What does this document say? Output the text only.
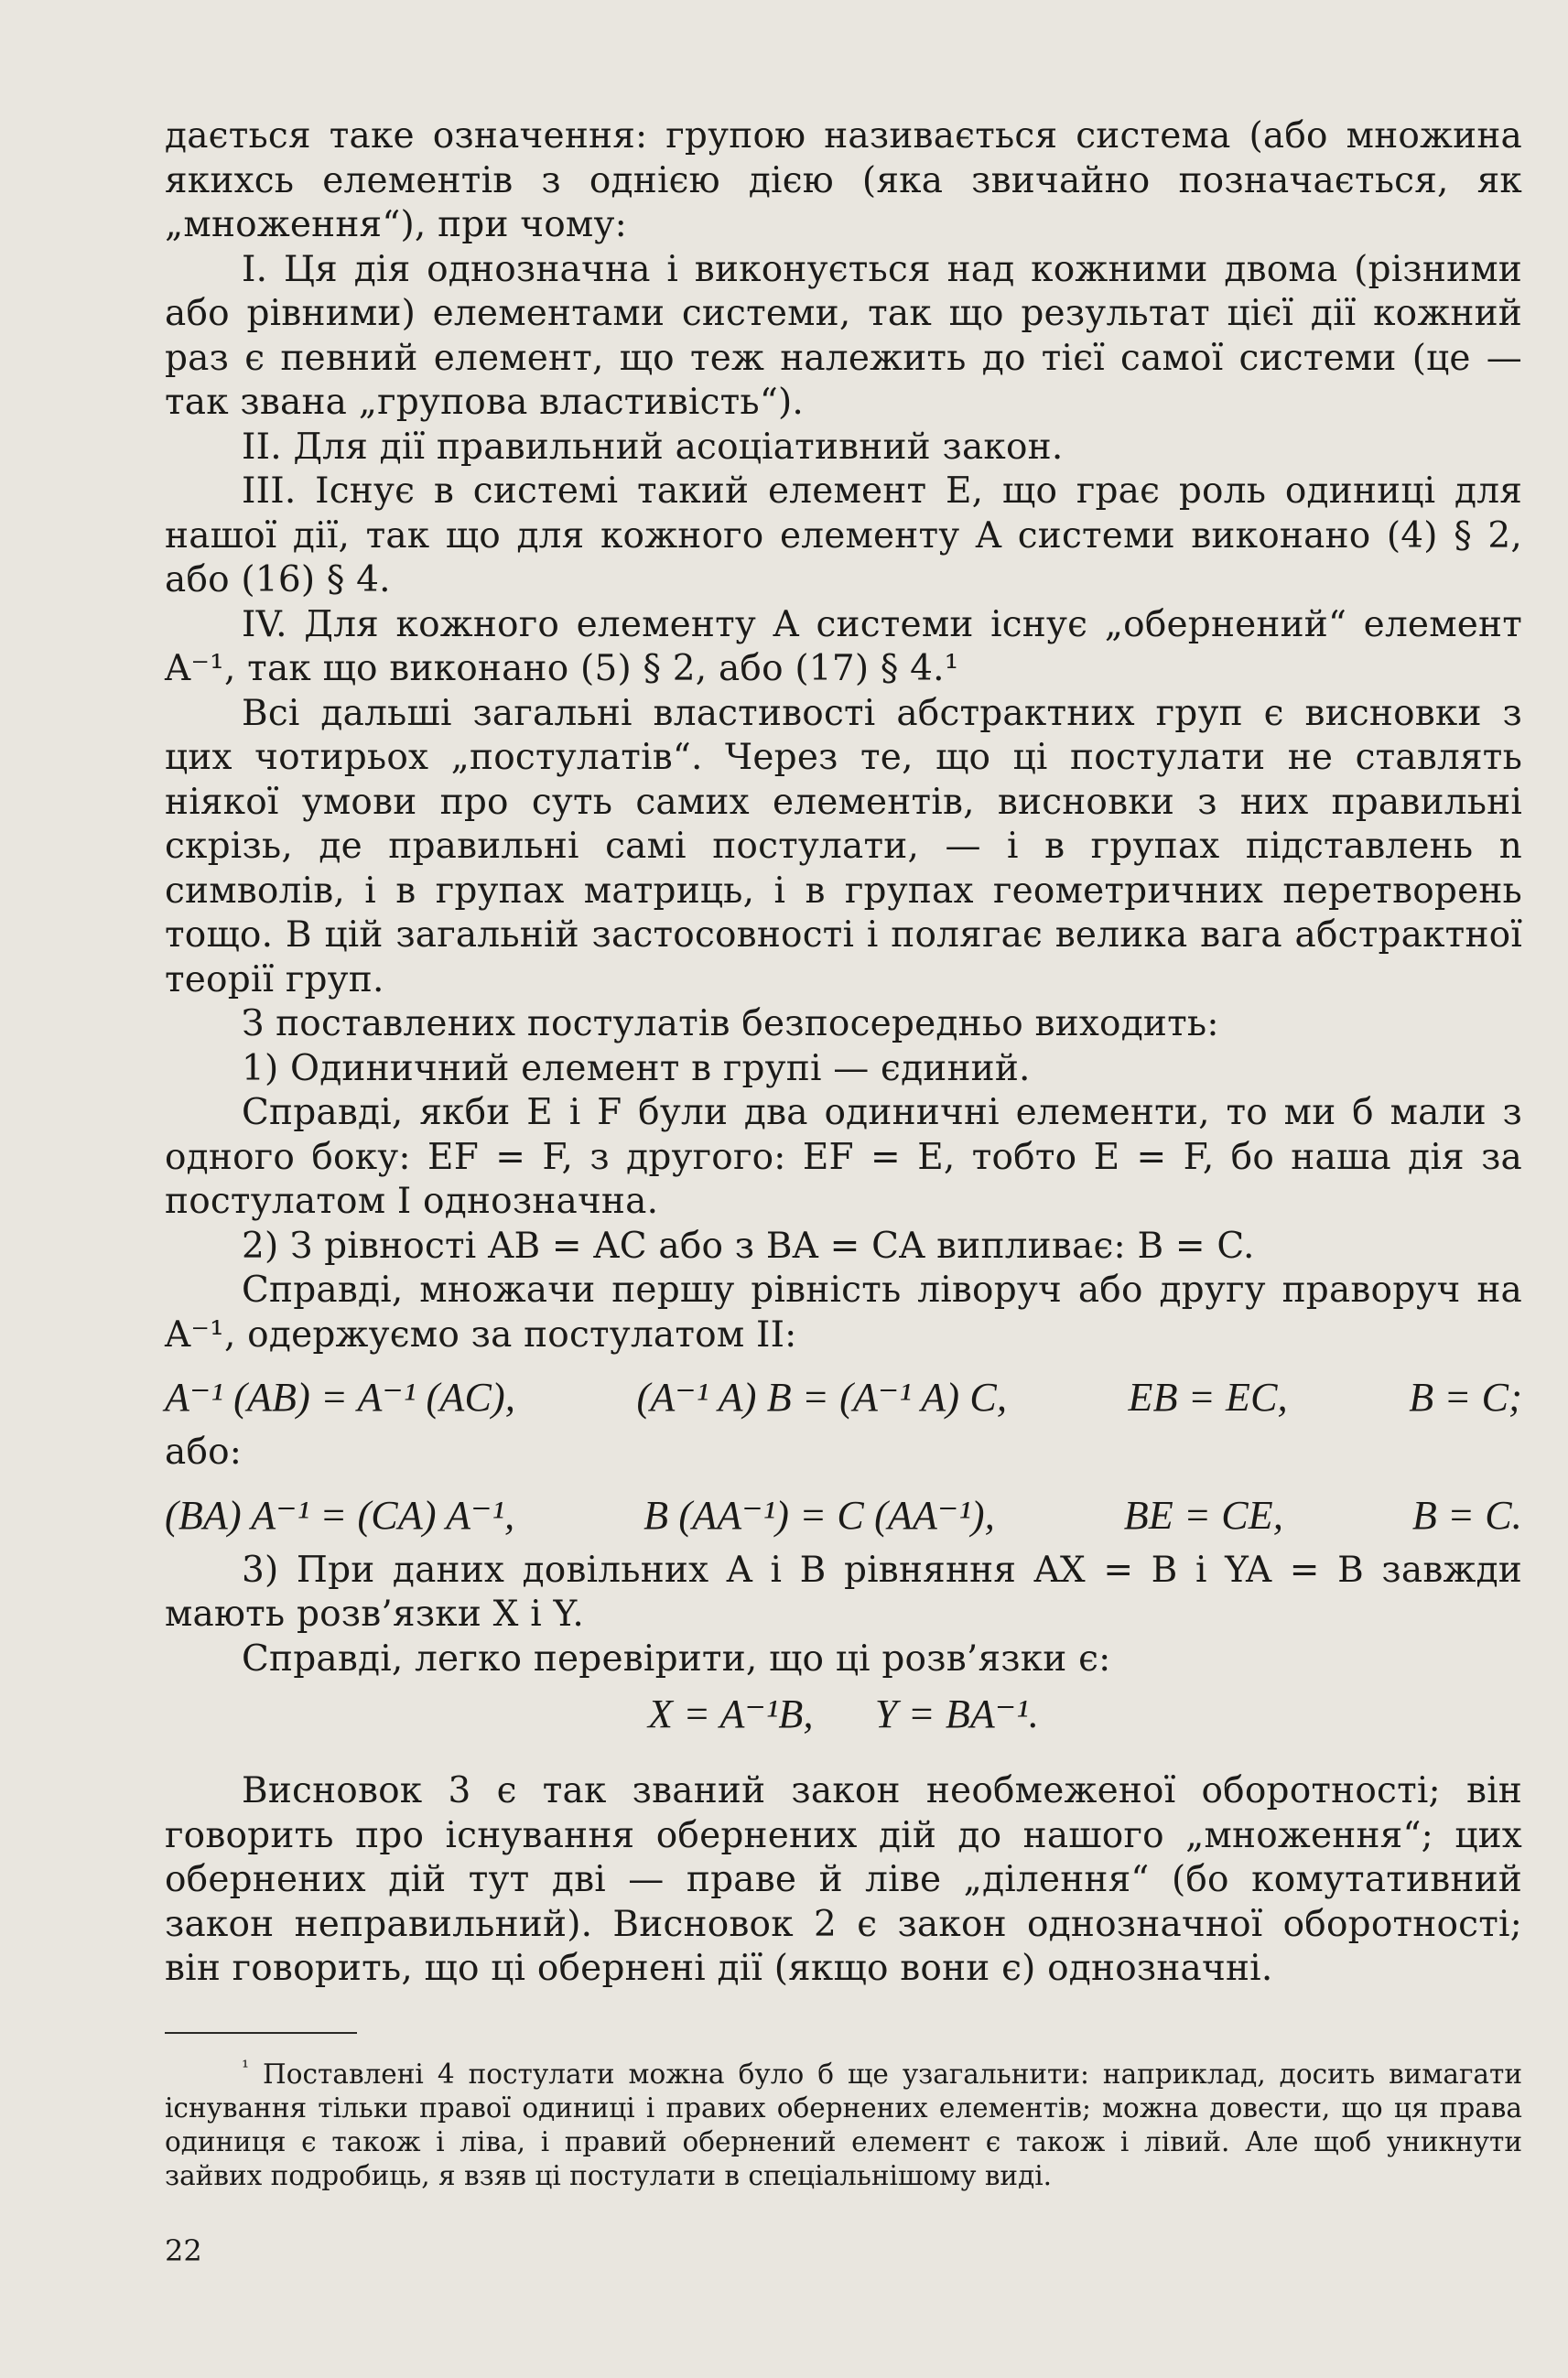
дається таке означення: групою називається система (або множина якихсь елементів з однією дією (яка звичайно позначається, як „множення“), при чому:

I. Ця дія однозначна і виконується над кожними двома (різними або рівними) елементами системи, так що результат цієї дії кожний раз є певний елемент, що теж належить до тієї самої системи (це — так звана „групова властивість“).

II. Для дії правильний асоціативний закон.

III. Існує в системі такий елемент E, що грає роль одиниці для нашої дії, так що для кожного елементу A системи виконано (4) § 2, або (16) § 4.

IV. Для кожного елементу A системи існує „обернений“ елемент A⁻¹, так що виконано (5) § 2, або (17) § 4.¹

Всі дальші загальні властивості абстрактних груп є висновки з цих чотирьох „постулатів“. Через те, що ці постулати не ставлять ніякої умови про суть самих елементів, висновки з них правильні скрізь, де правильні самі постулати, — і в групах підставлень n символів, і в групах матриць, і в групах геометричних перетворень тощо. В цій загальній застосовності і полягає велика вага абстрактної теорії груп.

З поставлених постулатів безпосередньо виходить:

1) Одиничний елемент в групі — єдиний.

Справді, якби E і F були два одиничні елементи, то ми б мали з одного боку: EF = F, з другого: EF = E, тобто E = F, бо наша дія за постулатом I однозначна.

2) З рівності AB = AC або з BA = CA випливає: B = C.

Справді, множачи першу рівність ліворуч або другу праворуч на A⁻¹, одержуємо за постулатом II:

A⁻¹ (AB) = A⁻¹ (AC),	(A⁻¹ A) B = (A⁻¹ A) C,	EB = EC,	B = C;

або:

(BA) A⁻¹ = (CA) A⁻¹,	B (AA⁻¹) = C (AA⁻¹),	BE = CE,	B = C.

3) При даних довільних A і B рівняння AX = B і YA = B завжди мають розв’язки X і Y.

Справді, легко перевірити, що ці розв’язки є:

X = A⁻¹B,      Y = BA⁻¹.

Висновок 3 є так званий закон необмеженої оборотності; він говорить про існування обернених дій до нашого „множення“; цих обернених дій тут дві — праве й ліве „ділення“ (бо комутативний закон неправильний). Висновок 2 є закон однозначної оборотності; він говорить, що ці обернені дії (якщо вони є) однозначні.

$^{^1}$ Поставлені 4 постулати можна було б ще узагальнити: наприклад, досить вимагати існування тільки правої одиниці і правих обернених елементів; можна довести, що ця права одиниця є також і ліва, і правий обернений елемент є також і лівий. Але щоб уникнути зайвих подробиць, я взяв ці постулати в спеціальнішому виді.

22
